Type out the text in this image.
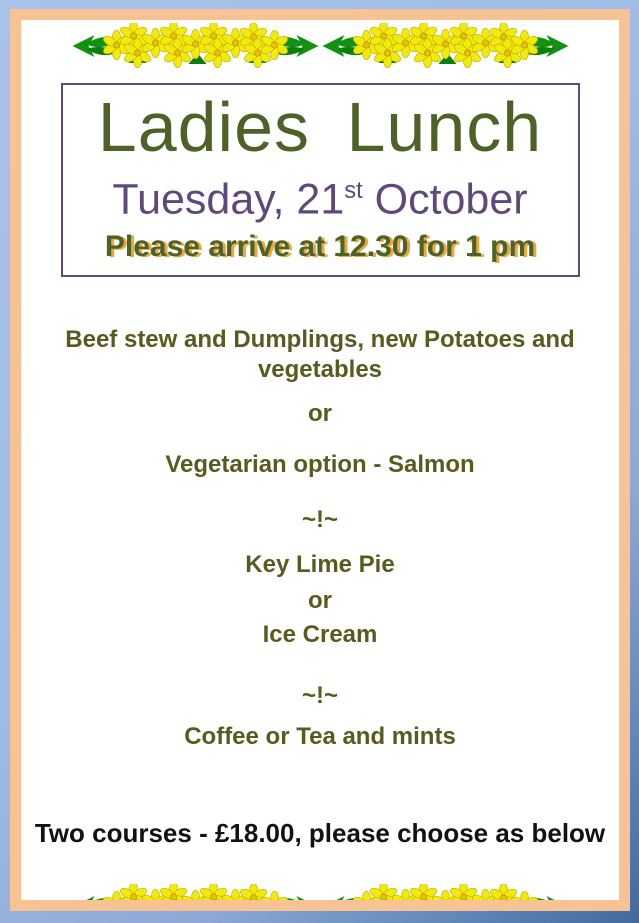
Ladies Lunch
Tuesday, 21st October
Please arrive at 12.30 for 1 pm
Beef stew and Dumplings, new Potatoes and
vegetables
or
Vegetarian option - Salmon
~!~
Key Lime Pie
or
Ice Cream
~!~
Coffee or Tea and mints
Two courses - £18.00, please choose as below
